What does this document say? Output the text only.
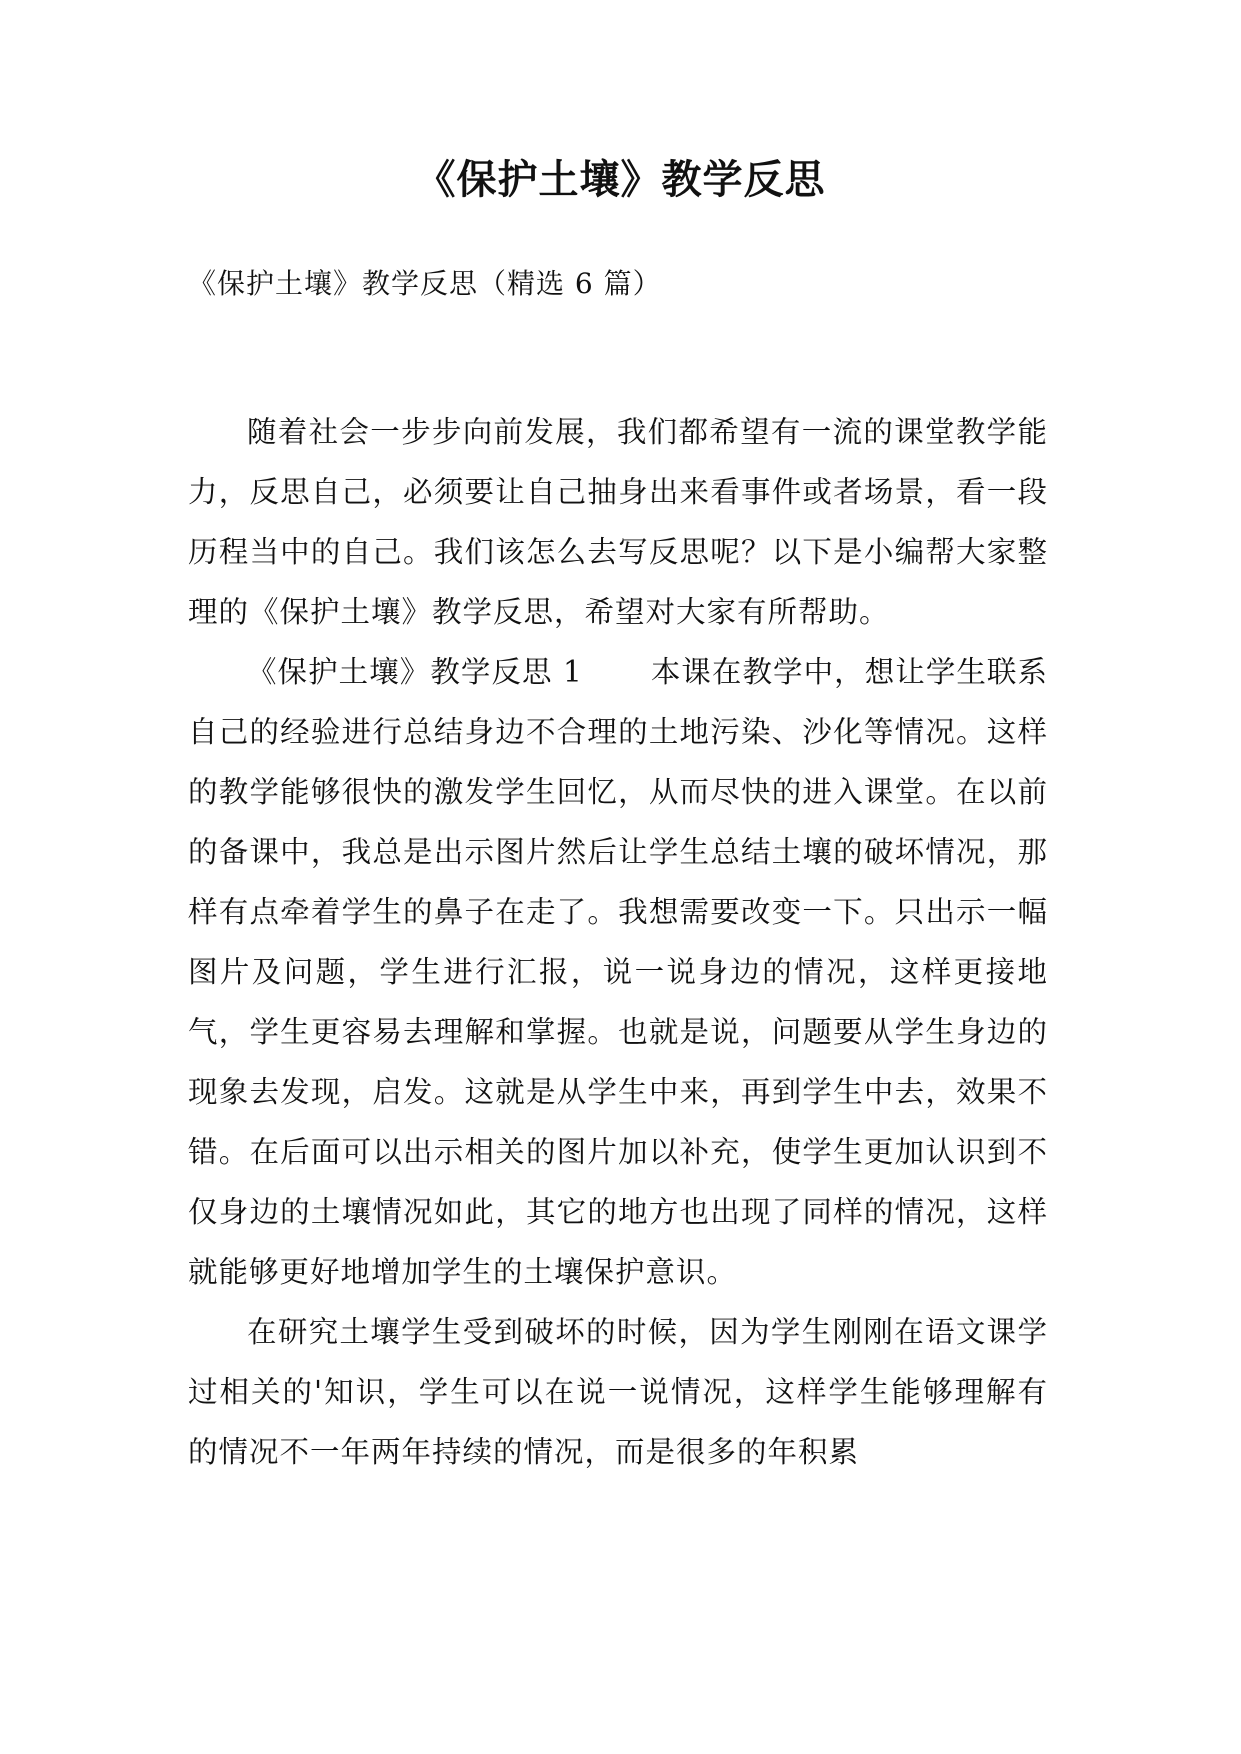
《保护土壤》教学反思

《保护土壤》教学反思（精选 6 篇）

随着社会一步步向前发展，我们都希望有一流的课堂教学能力，反思自己，必须要让自己抽身出来看事件或者场景，看一段历程当中的自己。我们该怎么去写反思呢？以下是小编帮大家整理的《保护土壤》教学反思，希望对大家有所帮助。

《保护土壤》教学反思 1 本课在教学中，想让学生联系自己的经验进行总结身边不合理的土地污染、沙化等情况。这样的教学能够很快的激发学生回忆，从而尽快的进入课堂。在以前的备课中，我总是出示图片然后让学生总结土壤的破坏情况，那样有点牵着学生的鼻子在走了。我想需要改变一下。只出示一幅图片及问题，学生进行汇报，说一说身边的情况，这样更接地气，学生更容易去理解和掌握。也就是说，问题要从学生身边的现象去发现，启发。这就是从学生中来，再到学生中去，效果不错。在后面可以出示相关的图片加以补充，使学生更加认识到不仅身边的土壤情况如此，其它的地方也出现了同样的情况，这样就能够更好地增加学生的土壤保护意识。

在研究土壤学生受到破坏的时候，因为学生刚刚在语文课学过相关的'知识，学生可以在说一说情况，这样学生能够理解有的情况不一年两年持续的情况，而是很多的年积累
